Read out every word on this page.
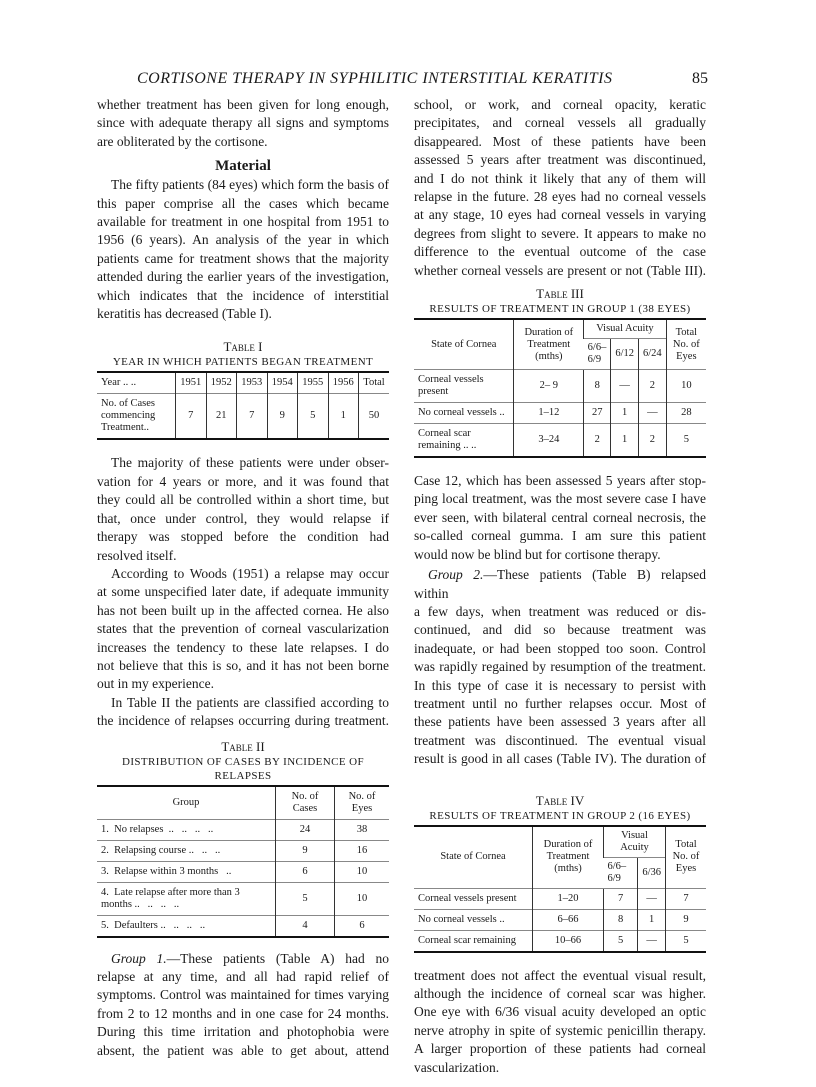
CORTISONE THERAPY IN SYPHILITIC INTERSTITIAL KERATITIS	85
whether treatment has been given for long enough,
since with adequate therapy all signs and symptoms
are obliterated by the cortisone.
Material
The fifty patients (84 eyes) which form the basis of
this paper comprise all the cases which became
available for treatment in one hospital from 1951 to
1956 (6 years). An analysis of the year in which
patients came for treatment shows that the majority
attended during the earlier years of the investigation,
which indicates that the incidence of interstitial
keratitis has decreased (Table I).
Table I
YEAR IN WHICH PATIENTS BEGAN TREATMENT
Year .. ..	1951	1952	1953	1954	1955	1956	Total
No. of Cases commencing Treatment..	7	21	7	9	5	1	50
The majority of these patients were under obser-
vation for 4 years or more, and it was found that
they could all be controlled within a short time, but
that, once under control, they would relapse if
therapy was stopped before the condition had
resolved itself.
According to Woods (1951) a relapse may occur
at some unspecified later date, if adequate immunity
has not been built up in the affected cornea. He also
states that the prevention of corneal vascularization
increases the tendency to these late relapses. I do
not believe that this is so, and it has not been borne
out in my experience.
In Table II the patients are classified according to
the incidence of relapses occurring during treatment.
Table II
DISTRIBUTION OF CASES BY INCIDENCE OF RELAPSES
Group	No. of Cases	No. of Eyes
1.  No relapses  ..   ..   ..   ..	24	38
2.  Relapsing course ..   ..   ..	9	16
3.  Relapse within 3 months   ..	6	10
4.  Late relapse after more than 3 months ..   ..   ..   ..	5	10
5.  Defaulters ..   ..   ..   ..	4	6
Group 1.—These patients (Table A) had no
relapse at any time, and all had rapid relief of
symptoms. Control was maintained for times varying
from 2 to 12 months and in one case for 24 months.
During this time irritation and photophobia were
absent, the patient was able to get about, attend
school, or work, and corneal opacity, keratic
precipitates, and corneal vessels all gradually
disappeared. Most of these patients have been
assessed 5 years after treatment was discontinued,
and I do not think it likely that any of them will
relapse in the future. 28 eyes had no corneal vessels
at any stage, 10 eyes had corneal vessels in varying
degrees from slight to severe. It appears to make no
difference to the eventual outcome of the case
whether corneal vessels are present or not (Table III).
Table III
RESULTS OF TREATMENT IN GROUP 1 (38 EYES)
State of Cornea	Duration of Treatment (mths)	Visual Acuity			Total No. of Eyes
		6/6–6/9	6/12	6/24	
Corneal vessels present	2– 9	8	—	2	10
No corneal vessels ..	1–12	27	1	—	28
Corneal scar remaining .. ..	3–24	2	1	2	5
Case 12, which has been assessed 5 years after stop-
ping local treatment, was the most severe case I have
ever seen, with bilateral central corneal necrosis, the
so-called corneal gumma. I am sure this patient
would now be blind but for cortisone therapy.
Group 2.—These patients (Table B) relapsed within
a few days, when treatment was reduced or dis-
continued, and did so because treatment was
inadequate, or had been stopped too soon. Control
was rapidly regained by resumption of the treatment.
In this type of case it is necessary to persist with
treatment until no further relapses occur. Most of
these patients have been assessed 3 years after all
treatment was discontinued. The eventual visual
result is good in all cases (Table IV). The duration of
Table IV
RESULTS OF TREATMENT IN GROUP 2 (16 EYES)
State of Cornea	Duration of Treatment (mths)	Visual Acuity		Total No. of Eyes
		6/6–6/9	6/36	
Corneal vessels present	1–20	7	—	7
No corneal vessels ..	6–66	8	1	9
Corneal scar remaining	10–66	5	—	5
treatment does not affect the eventual visual result,
although the incidence of corneal scar was higher.
One eye with 6/36 visual acuity developed an optic
nerve atrophy in spite of systemic penicillin therapy.
A larger proportion of these patients had corneal
vascularization.
